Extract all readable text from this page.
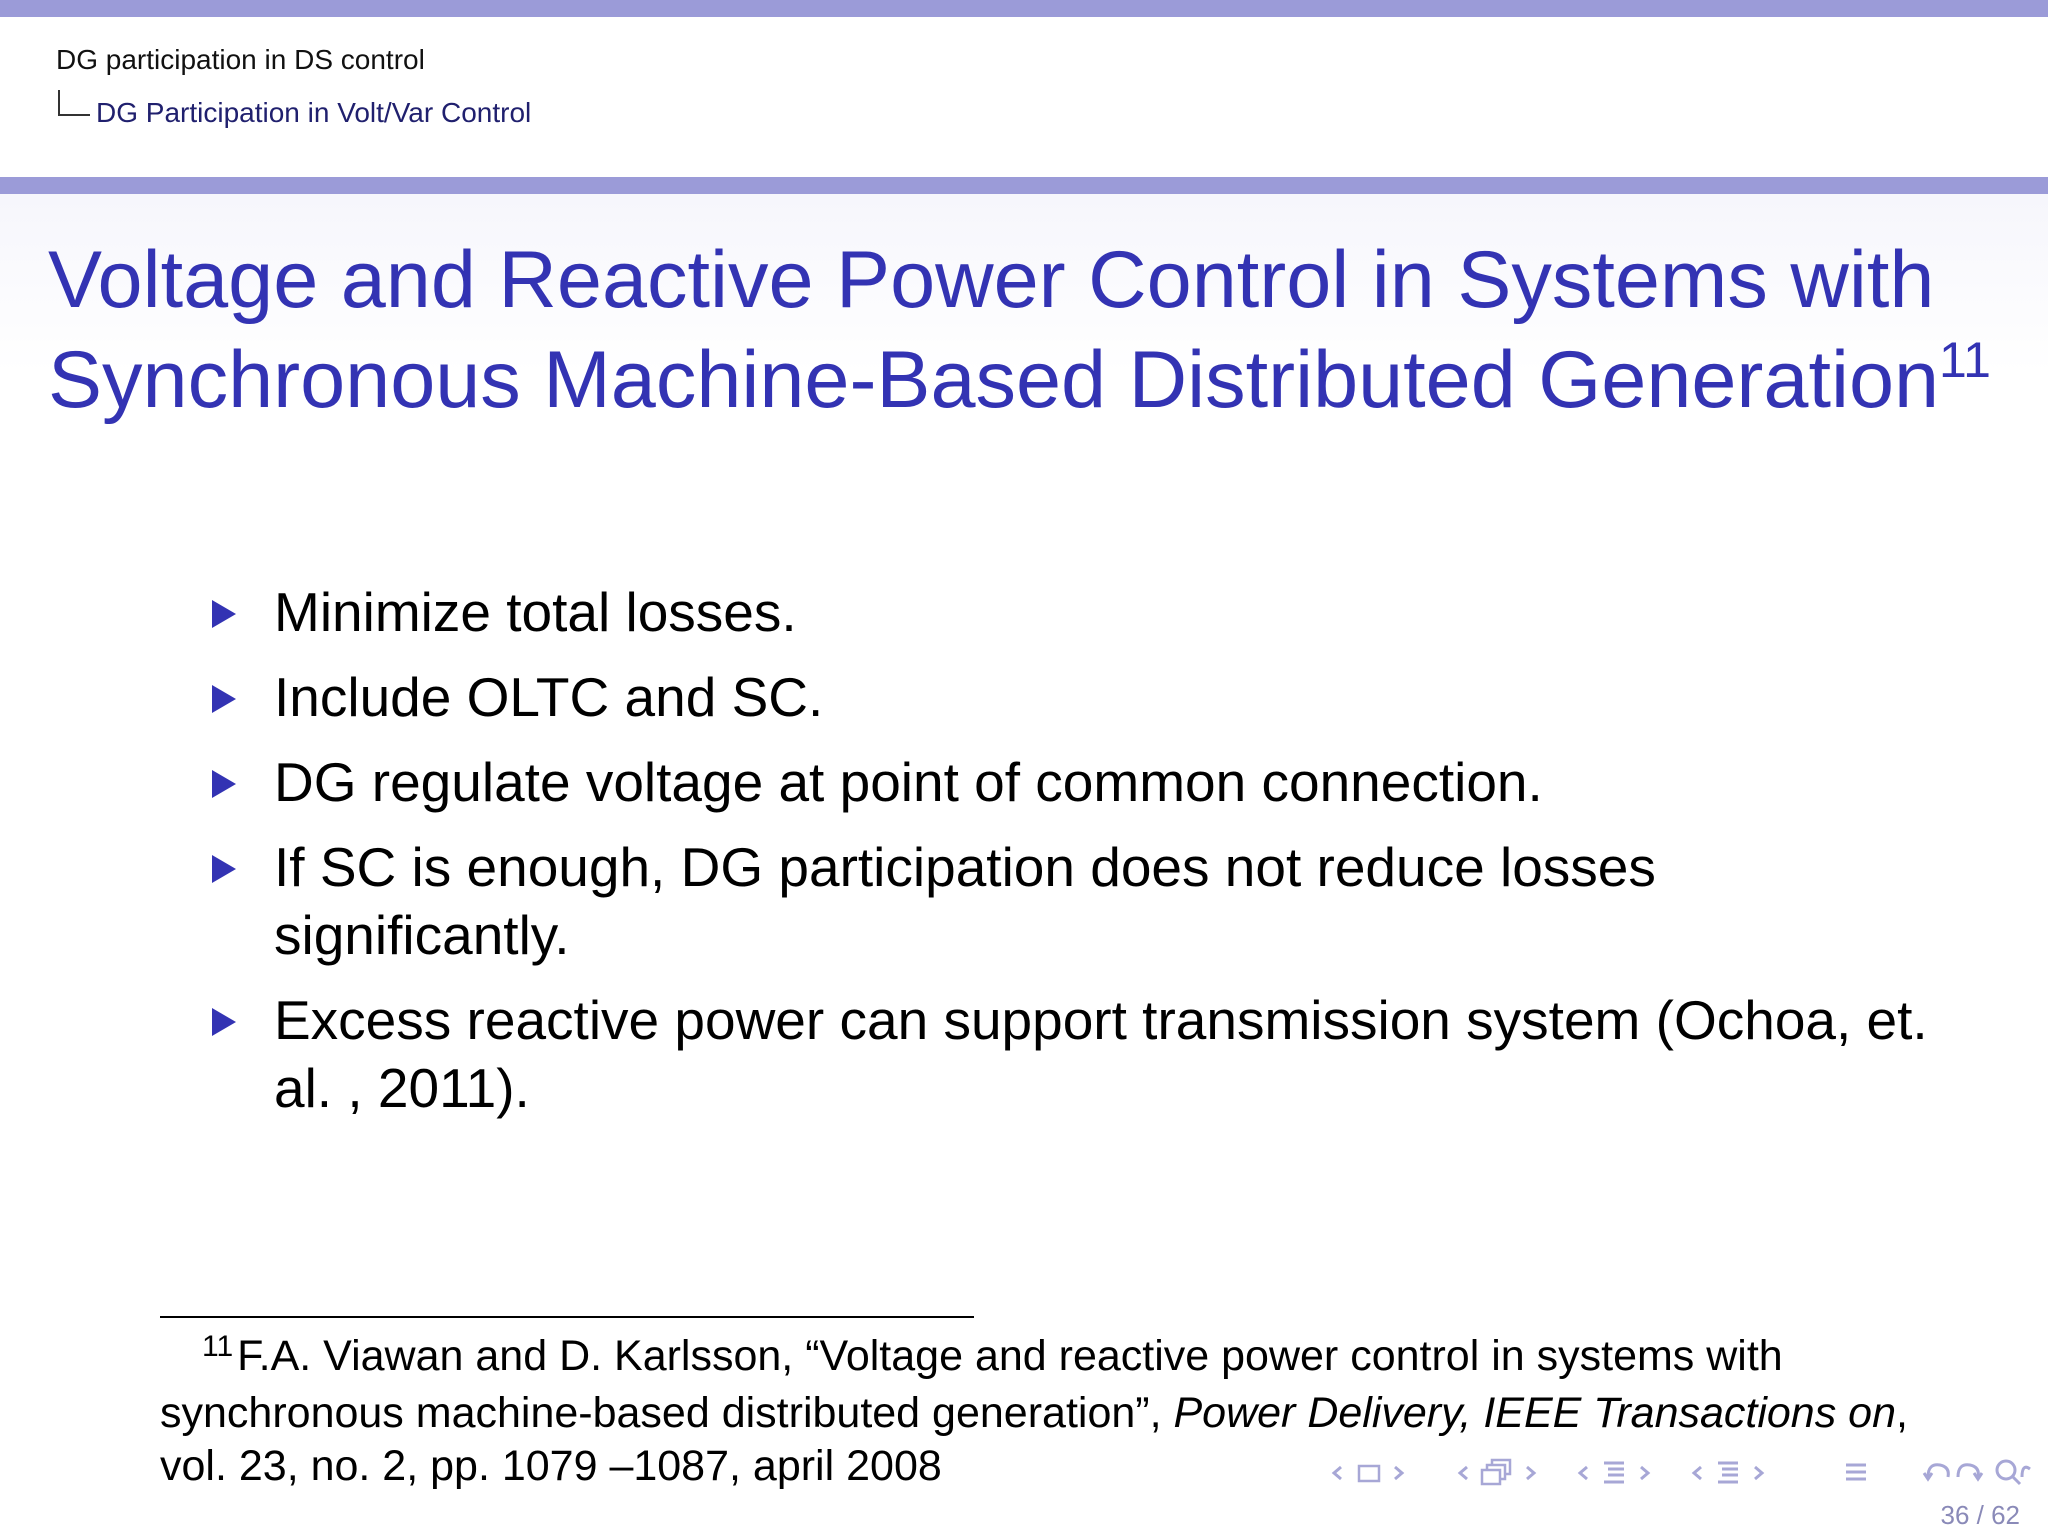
DG participation in DS control
DG Participation in Volt/Var Control
Voltage and Reactive Power Control in Systems with
Synchronous Machine-Based Distributed Generation$^{11}$
Minimize total losses.
Include OLTC and SC.
DG regulate voltage at point of common connection.
If SC is enough, DG participation does not reduce losses significantly.
Excess reactive power can support transmission system (Ochoa, et. al. , 2011).
$^{11}$F.A. Viawan and D. Karlsson, “Voltage and reactive power control in systems with synchronous machine-based distributed generation”, Power Delivery, IEEE Transactions on, vol. 23, no. 2, pp. 1079 –1087, april 2008
36 / 62
